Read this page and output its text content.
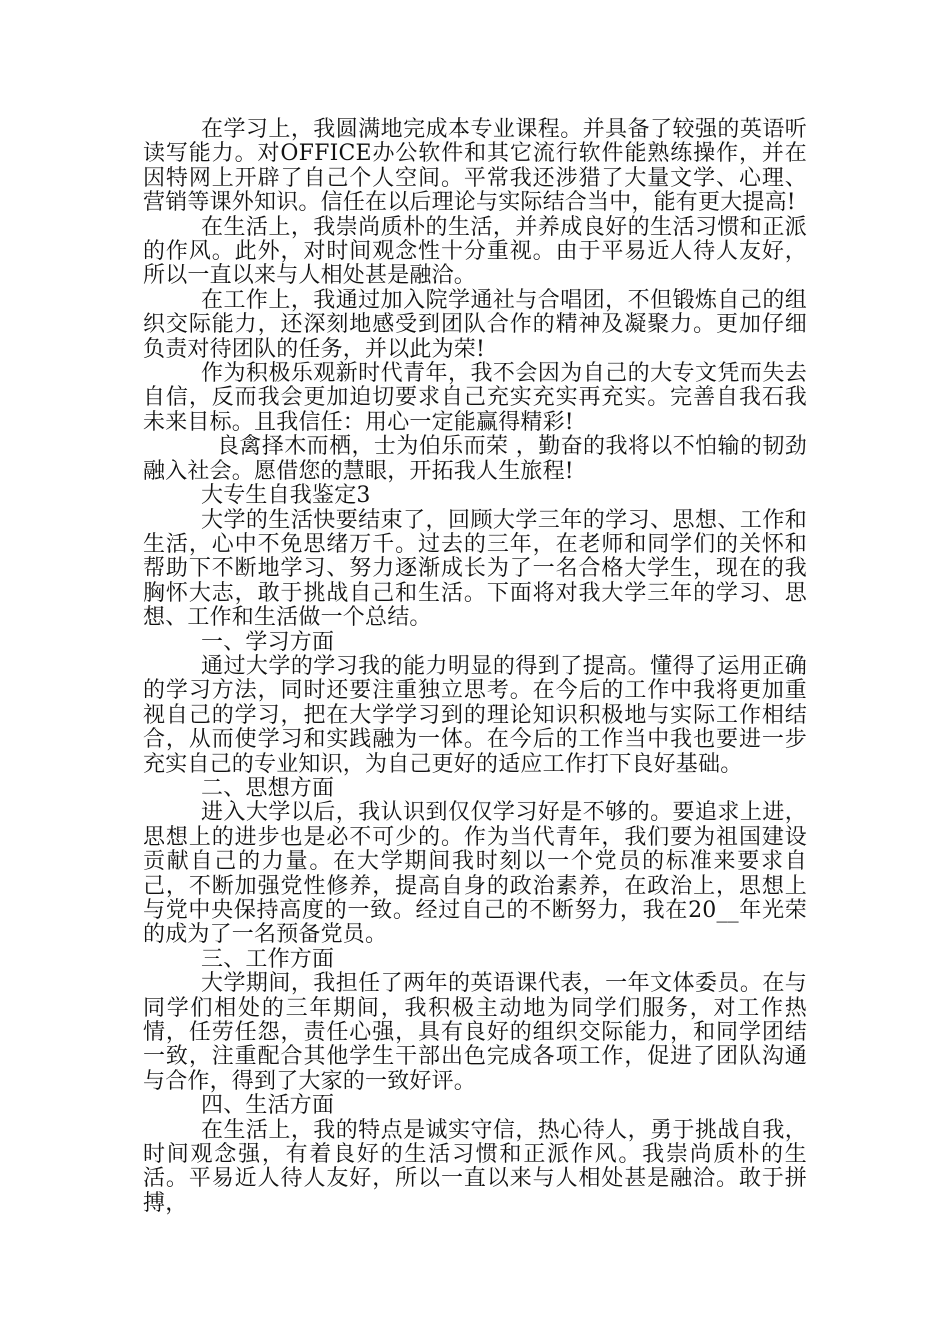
在学习上，我圆满地完成本专业课程。并具备了较强的英语听读写能力。对OFFICE办公软件和其它流行软件能熟练操作，并在因特网上开辟了自己个人空间。平常我还涉猎了大量文学、心理、营销等课外知识。信任在以后理论与实际结合当中，能有更大提高!

在生活上，我崇尚质朴的生活，并养成良好的生活习惯和正派的作风。此外，对时间观念性十分重视。由于平易近人待人友好，所以一直以来与人相处甚是融洽。

在工作上，我通过加入院学通社与合唱团，不但锻炼自己的组织交际能力，还深刻地感受到团队合作的精神及凝聚力。更加仔细负责对待团队的任务，并以此为荣!

作为积极乐观新时代青年，我不会因为自己的大专文凭而失去自信，反而我会更加迫切要求自己充实充实再充实。完善自我石我未来目标。且我信任：用心一定能赢得精彩!

良禽择木而栖，士为伯乐而荣 ，勤奋的我将以不怕输的韧劲融入社会。愿借您的慧眼，开拓我人生旅程!

大专生自我鉴定3

大学的生活快要结束了，回顾大学三年的学习、思想、工作和生活，心中不免思绪万千。过去的三年，在老师和同学们的关怀和帮助下不断地学习、努力逐渐成长为了一名合格大学生，现在的我胸怀大志，敢于挑战自己和生活。下面将对我大学三年的学习、思想、工作和生活做一个总结。

一、学习方面

通过大学的学习我的能力明显的得到了提高。懂得了运用正确的学习方法，同时还要注重独立思考。在今后的工作中我将更加重视自己的学习，把在大学学习到的理论知识积极地与实际工作相结合，从而使学习和实践融为一体。在今后的工作当中我也要进一步充实自己的专业知识，为自己更好的适应工作打下良好基础。

二、思想方面

进入大学以后，我认识到仅仅学习好是不够的。要追求上进，思想上的进步也是必不可少的。作为当代青年，我们要为祖国建设贡献自己的力量。在大学期间我时刻以一个党员的标准来要求自己，不断加强党性修养，提高自身的政治素养，在政治上，思想上与党中央保持高度的一致。经过自己的不断努力，我在20__年光荣的成为了一名预备党员。

三、工作方面

大学期间，我担任了两年的英语课代表，一年文体委员。在与同学们相处的三年期间，我积极主动地为同学们服务，对工作热情，任劳任怨，责任心强，具有良好的组织交际能力，和同学团结一致，注重配合其他学生干部出色完成各项工作，促进了团队沟通与合作，得到了大家的一致好评。

四、生活方面

在生活上，我的特点是诚实守信，热心待人，勇于挑战自我，时间观念强，有着良好的生活习惯和正派作风。我崇尚质朴的生活。平易近人待人友好，所以一直以来与人相处甚是融洽。敢于拼搏，
